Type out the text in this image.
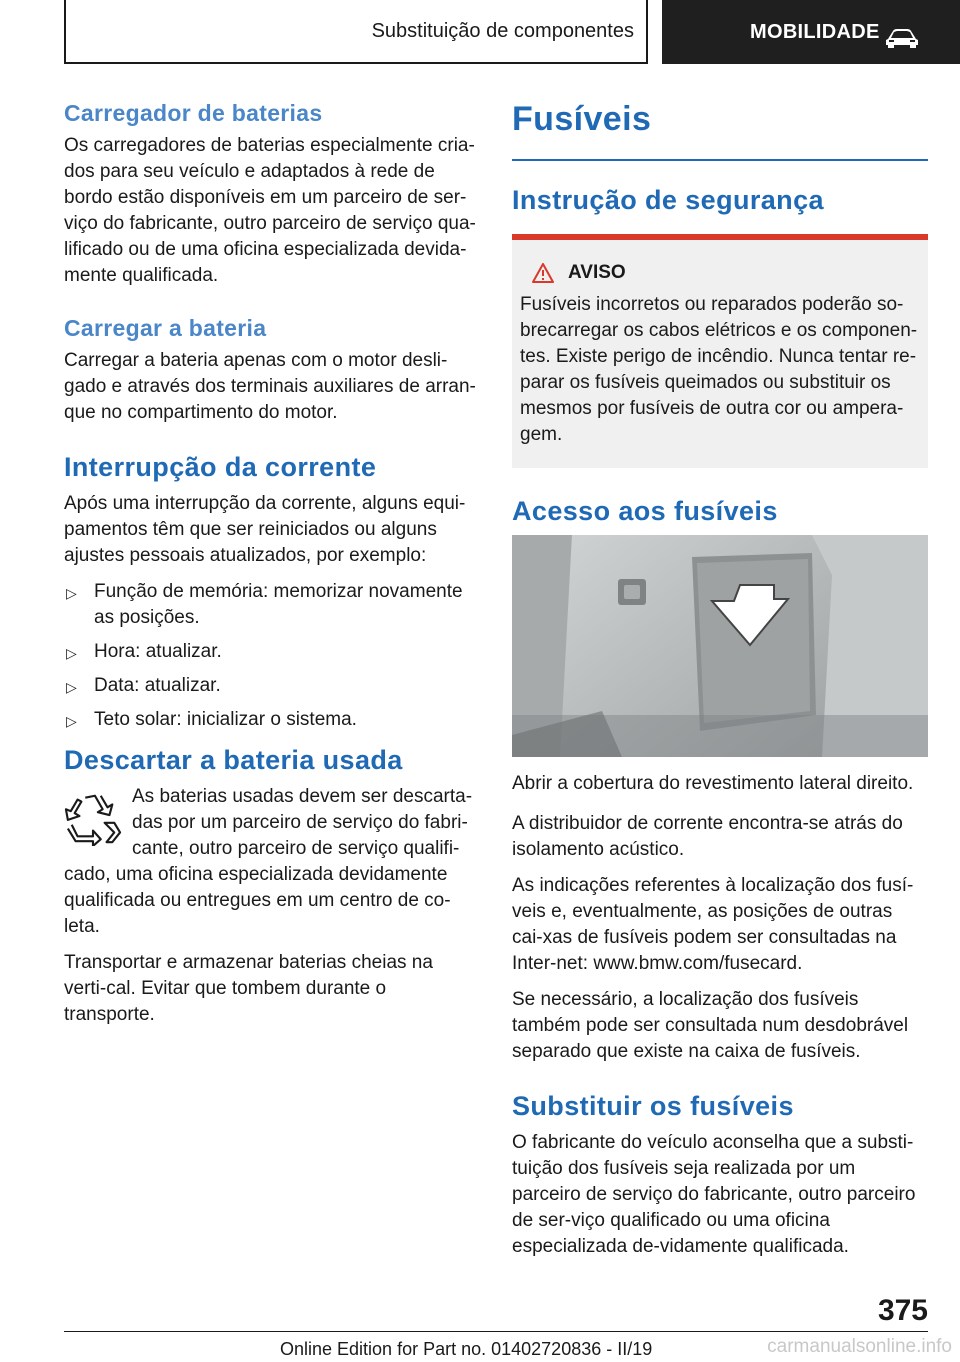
Substituição de componentes	MOBILIDADE
Carregador de baterias

Os carregadores de baterias especialmente cria-dos para seu veículo e adaptados à rede de bordo estão disponíveis em um parceiro de ser-viço do fabricante, outro parceiro de serviço qua-lificado ou de uma oficina especializada devida-mente qualificada.

Carregar a bateria

Carregar a bateria apenas com o motor desli-gado e através dos terminais auxiliares de arran-que no compartimento do motor.

Interrupção da corrente

Após uma interrupção da corrente, alguns equi-pamentos têm que ser reiniciados ou alguns ajustes pessoais atualizados, por exemplo:

▷ Função de memória: memorizar novamente as posições.
▷ Hora: atualizar.
▷ Data: atualizar.
▷ Teto solar: inicializar o sistema.
Descartar a bateria usada

As baterias usadas devem ser descarta-das por um parceiro de serviço do fabri-cante, outro parceiro de serviço qualifi-cado, uma oficina especializada devidamente qualificada ou entregues em um centro de co-leta.

Transportar e armazenar baterias cheias na verti-cal. Evitar que tombem durante o transporte.

Fusíveis
Instrução de segurança
AVISO

Fusíveis incorretos ou reparados poderão so-brecarregar os cabos elétricos e os componen-tes. Existe perigo de incêndio. Nunca tentar re-parar os fusíveis queimados ou substituir os mesmos por fusíveis de outra cor ou ampera-gem.

Acesso aos fusíveis

Abrir a cobertura do revestimento lateral direito.

A distribuidor de corrente encontra-se atrás do isolamento acústico.

As indicações referentes à localização dos fusí-veis e, eventualmente, as posições de outras cai-xas de fusíveis podem ser consultadas na Inter-net: www.bmw.com/fusecard.

Se necessário, a localização dos fusíveis também pode ser consultada num desdobrável separado que existe na caixa de fusíveis.

Substituir os fusíveis

O fabricante do veículo aconselha que a substi-tuição dos fusíveis seja realizada por um parceiro de serviço do fabricante, outro parceiro de ser-viço qualificado ou uma oficina especializada de-vidamente qualificada.

375
Online Edition for Part no. 01402720836 - II/19	carmanualsonline.info
